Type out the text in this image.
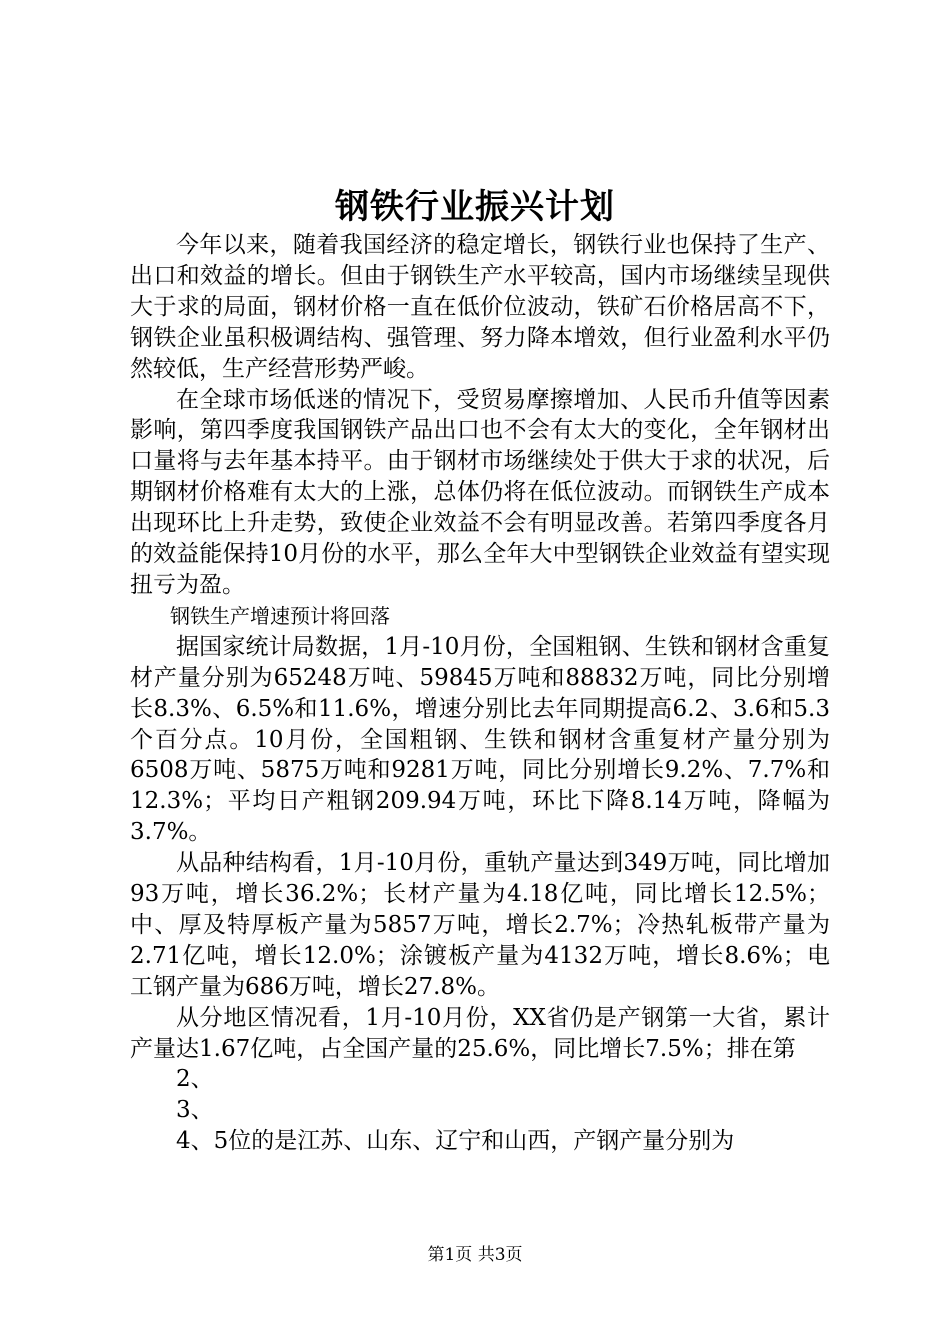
钢铁行业振兴计划

今年以来，随着我国经济的稳定增长，钢铁行业也保持了生产、出口和效益的增长。但由于钢铁生产水平较高，国内市场继续呈现供大于求的局面，钢材价格一直在低价位波动，铁矿石价格居高不下，钢铁企业虽积极调结构、强管理、努力降本增效，但行业盈利水平仍然较低，生产经营形势严峻。

在全球市场低迷的情况下，受贸易摩擦增加、人民币升值等因素影响，第四季度我国钢铁产品出口也不会有太大的变化，全年钢材出口量将与去年基本持平。由于钢材市场继续处于供大于求的状况，后期钢材价格难有太大的上涨，总体仍将在低位波动。而钢铁生产成本出现环比上升走势，致使企业效益不会有明显改善。若第四季度各月的效益能保持10月份的水平，那么全年大中型钢铁企业效益有望实现扭亏为盈。

钢铁生产增速预计将回落

据国家统计局数据，1月-10月份，全国粗钢、生铁和钢材含重复材产量分别为65248万吨、59845万吨和88832万吨，同比分别增长8.3%、6.5%和11.6%，增速分别比去年同期提高6.2、3.6和5.3个百分点。10月份，全国粗钢、生铁和钢材含重复材产量分别为6508万吨、5875万吨和9281万吨，同比分别增长9.2%、7.7%和12.3%；平均日产粗钢209.94万吨，环比下降8.14万吨，降幅为3.7%。

从品种结构看，1月-10月份，重轨产量达到349万吨，同比增加93万吨，增长36.2%；长材产量为4.18亿吨，同比增长12.5%；中、厚及特厚板产量为5857万吨，增长2.7%；冷热轧板带产量为2.71亿吨，增长12.0%；涂镀板产量为4132万吨，增长8.6%；电工钢产量为686万吨，增长27.8%。

从分地区情况看，1月-10月份，XX省仍是产钢第一大省，累计产量达1.67亿吨，占全国产量的25.6%，同比增长7.5%；排在第

2、

3、

4、5位的是江苏、山东、辽宁和山西，产钢产量分别为

第1页 共3页
